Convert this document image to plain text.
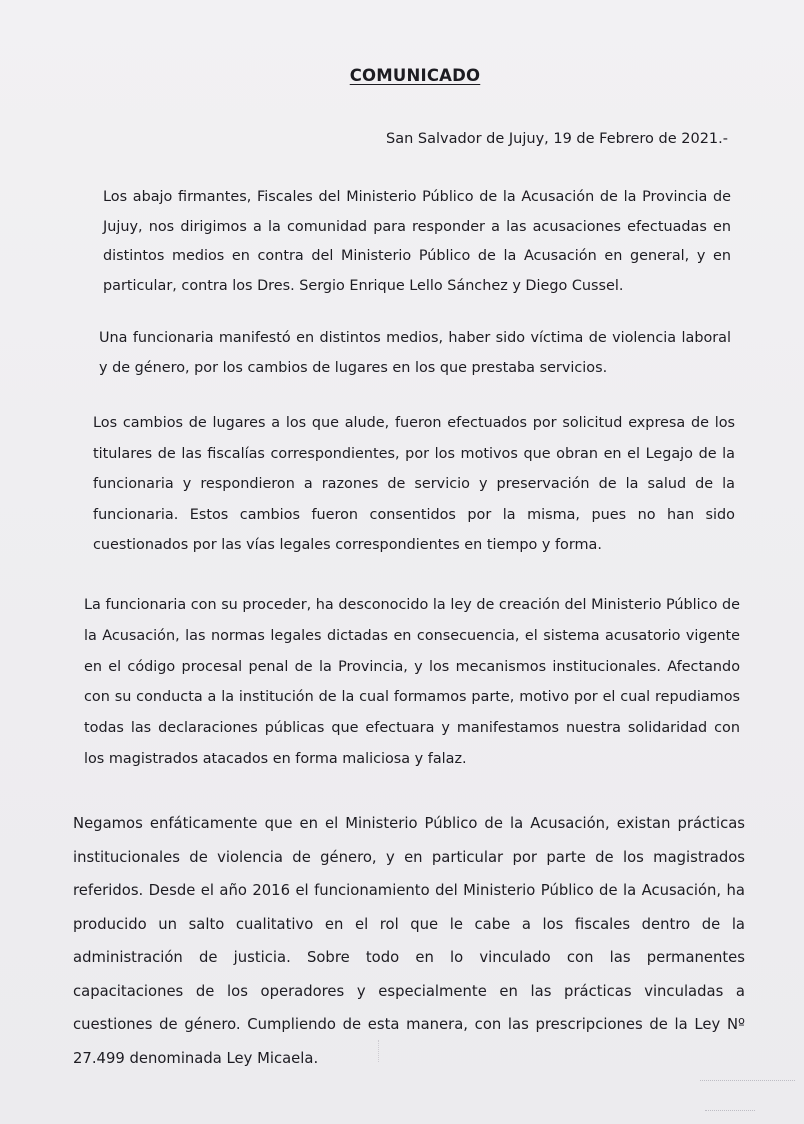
COMUNICADO
San Salvador de Jujuy, 19 de Febrero de 2021.-
Los abajo firmantes, Fiscales del Ministerio Público de la Acusación de la Provincia de Jujuy, nos dirigimos a la comunidad para responder a las acusaciones efectuadas en distintos medios en contra del Ministerio Público de la Acusación en general, y en particular, contra los Dres. Sergio Enrique Lello Sánchez y Diego Cussel.
Una funcionaria manifestó en distintos medios, haber sido víctima de violencia laboral y de género, por los cambios de lugares en los que prestaba servicios.
Los cambios de lugares a los que alude, fueron efectuados por solicitud expresa de los titulares de las fiscalías correspondientes, por los motivos que obran en el Legajo de la funcionaria y respondieron a razones de servicio y preservación de la salud de la funcionaria. Estos cambios fueron consentidos por la misma, pues no han sido cuestionados por las vías legales correspondientes en tiempo y forma.
La funcionaria con su proceder, ha desconocido la ley de creación del Ministerio Público de la Acusación, las normas legales dictadas en consecuencia, el sistema acusatorio vigente en el código procesal penal de la Provincia, y los mecanismos institucionales. Afectando con su conducta a la institución de la cual formamos parte, motivo por el cual repudiamos todas las declaraciones públicas que efectuara y manifestamos nuestra solidaridad con los magistrados atacados en forma maliciosa y falaz.
Negamos enfáticamente que en el Ministerio Público de la Acusación, existan prácticas institucionales de violencia de género, y en particular por parte de los magistrados referidos. Desde el año 2016 el funcionamiento del Ministerio Público de la Acusación, ha producido un salto cualitativo en el rol que le cabe a los fiscales dentro de la administración de justicia. Sobre todo en lo vinculado con las permanentes capacitaciones de los operadores y especialmente en las prácticas vinculadas a cuestiones de género. Cumpliendo de esta manera, con las prescripciones de la Ley Nº 27.499 denominada Ley Micaela.
